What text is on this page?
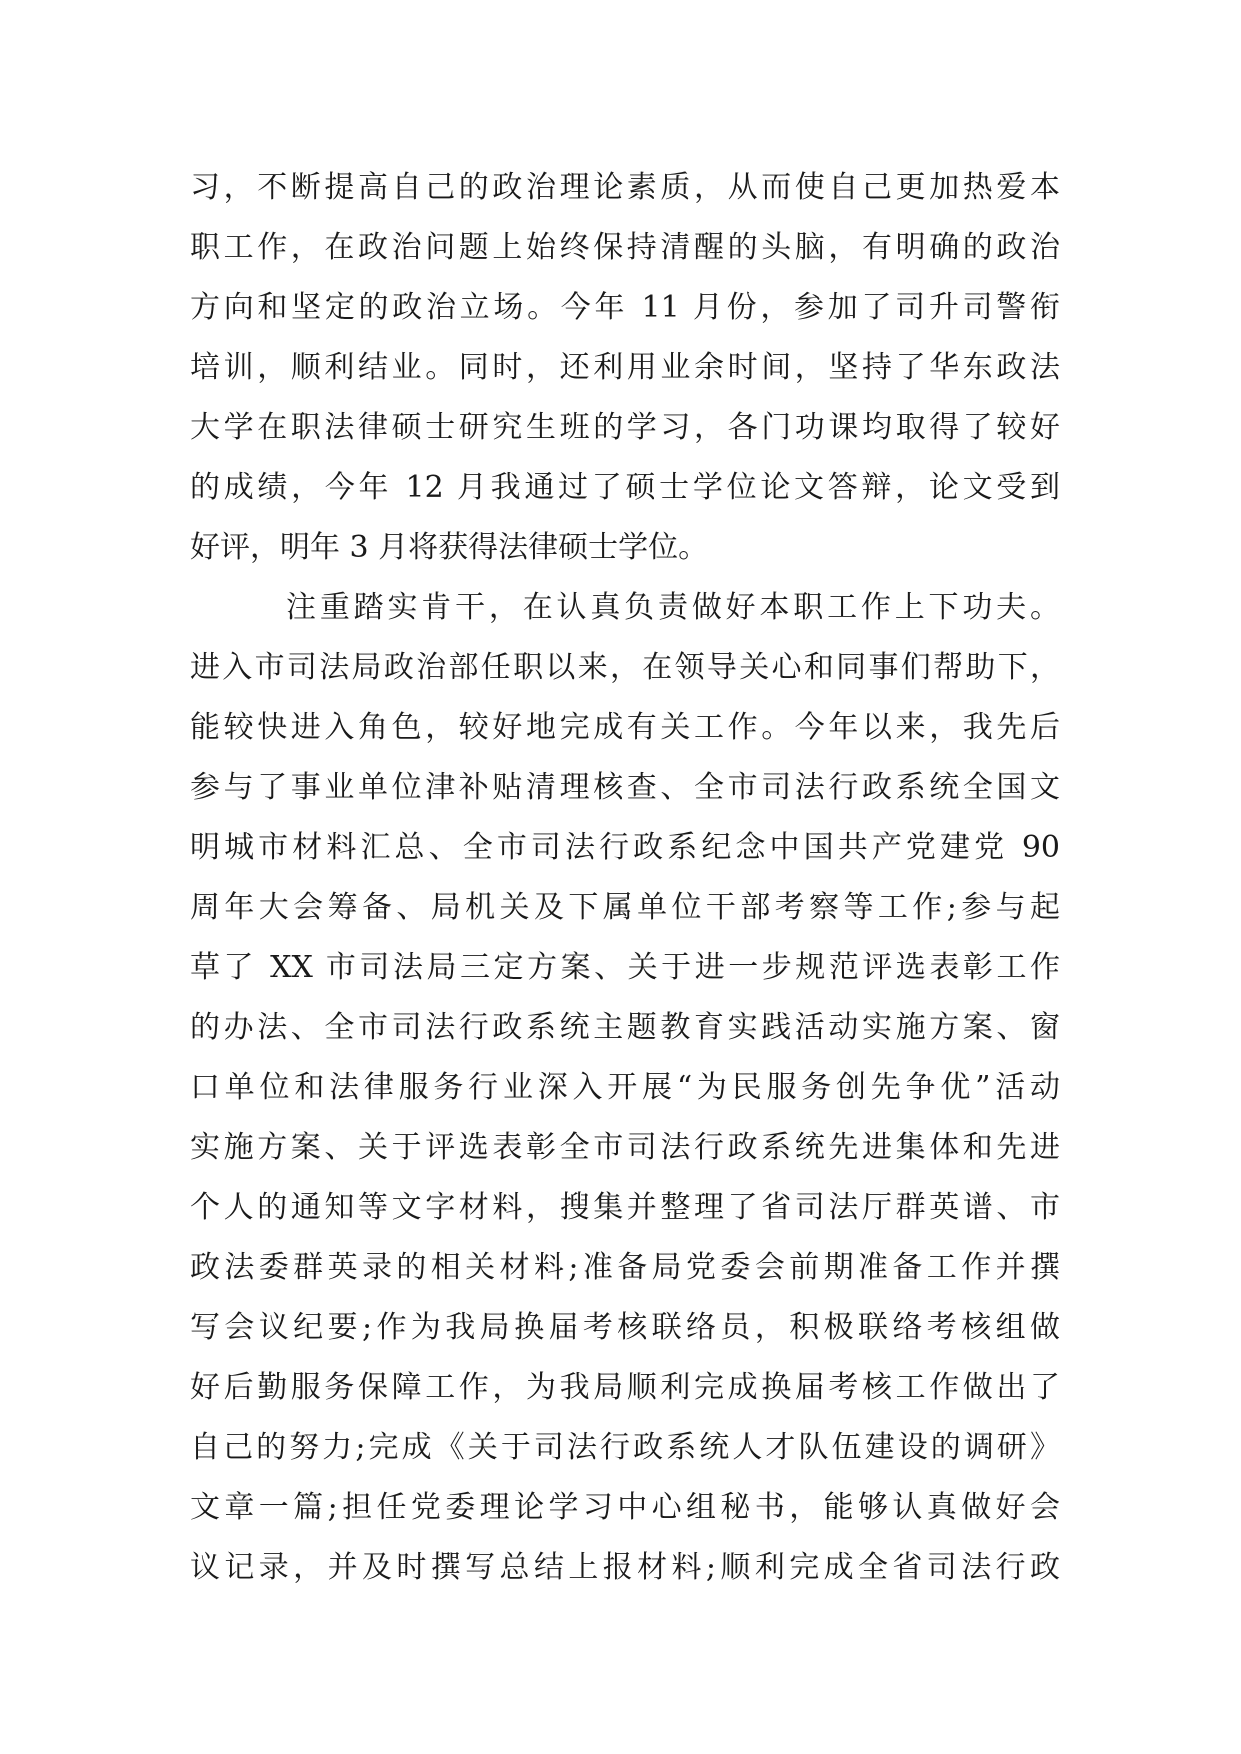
习，不断提高自己的政治理论素质，从而使自己更加热爱本
职工作，在政治问题上始终保持清醒的头脑，有明确的政治
方向和坚定的政治立场。今年 11 月份，参加了司升司警衔
培训，顺利结业。同时，还利用业余时间，坚持了华东政法
大学在职法律硕士研究生班的学习，各门功课均取得了较好
的成绩，今年 12 月我通过了硕士学位论文答辩，论文受到
好评，明年 3 月将获得法律硕士学位。
注重踏实肯干，在认真负责做好本职工作上下功夫。
进入市司法局政治部任职以来，在领导关心和同事们帮助下，
能较快进入角色，较好地完成有关工作。今年以来，我先后
参与了事业单位津补贴清理核查、全市司法行政系统全国文
明城市材料汇总、全市司法行政系纪念中国共产党建党 90
周年大会筹备、局机关及下属单位干部考察等工作;参与起
草了 XX 市司法局三定方案、关于进一步规范评选表彰工作
的办法、全市司法行政系统主题教育实践活动实施方案、窗
口单位和法律服务行业深入开展“为民服务创先争优”活动
实施方案、关于评选表彰全市司法行政系统先进集体和先进
个人的通知等文字材料，搜集并整理了省司法厅群英谱、市
政法委群英录的相关材料;准备局党委会前期准备工作并撰
写会议纪要;作为我局换届考核联络员，积极联络考核组做
好后勤服务保障工作，为我局顺利完成换届考核工作做出了
自己的努力;完成《关于司法行政系统人才队伍建设的调研》
文章一篇;担任党委理论学习中心组秘书，能够认真做好会
议记录，并及时撰写总结上报材料;顺利完成全省司法行政
